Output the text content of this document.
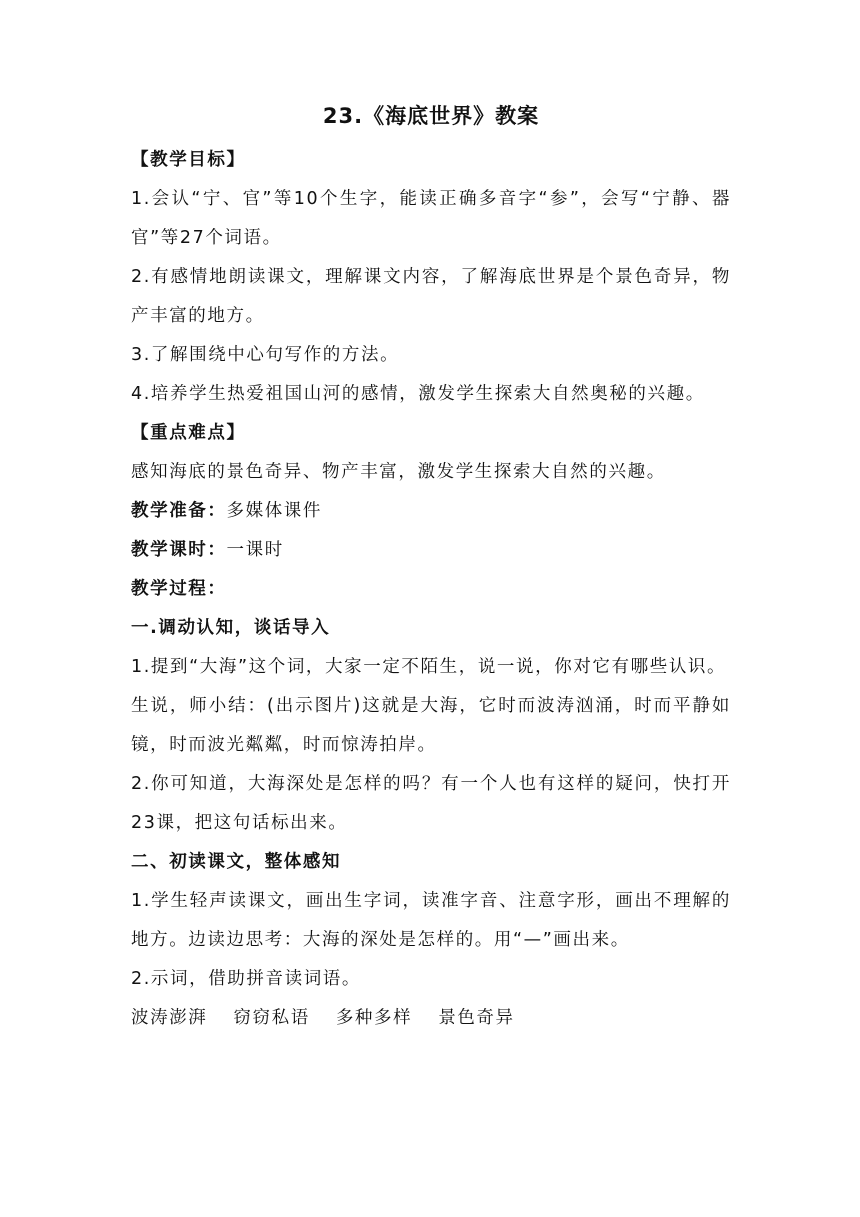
23.《海底世界》教案
【教学目标】

1.会认“宁、官”等10个生字，能读正确多音字“参”，会写“宁静、器官”等27个词语。

2.有感情地朗读课文，理解课文内容，了解海底世界是个景色奇异，物产丰富的地方。

3.了解围绕中心句写作的方法。

4.培养学生热爱祖国山河的感情，激发学生探索大自然奥秘的兴趣。

【重点难点】

感知海底的景色奇异、物产丰富，激发学生探索大自然的兴趣。

教学准备：多媒体课件

教学课时：一课时

教学过程：
一.调动认知，谈话导入

1.提到“大海”这个词，大家一定不陌生，说一说，你对它有哪些认识。

生说，师小结：(出示图片)这就是大海，它时而波涛汹涌，时而平静如镜，时而波光粼粼，时而惊涛拍岸。

2.你可知道，大海深处是怎样的吗？有一个人也有这样的疑问，快打开23课，把这句话标出来。

二、初读课文，整体感知

1.学生轻声读课文，画出生字词，读准字音、注意字形，画出不理解的地方。边读边思考：大海的深处是怎样的。用“—”画出来。

2.示词，借助拼音读词语。

波涛澎湃 窃窃私语 多种多样 景色奇异
